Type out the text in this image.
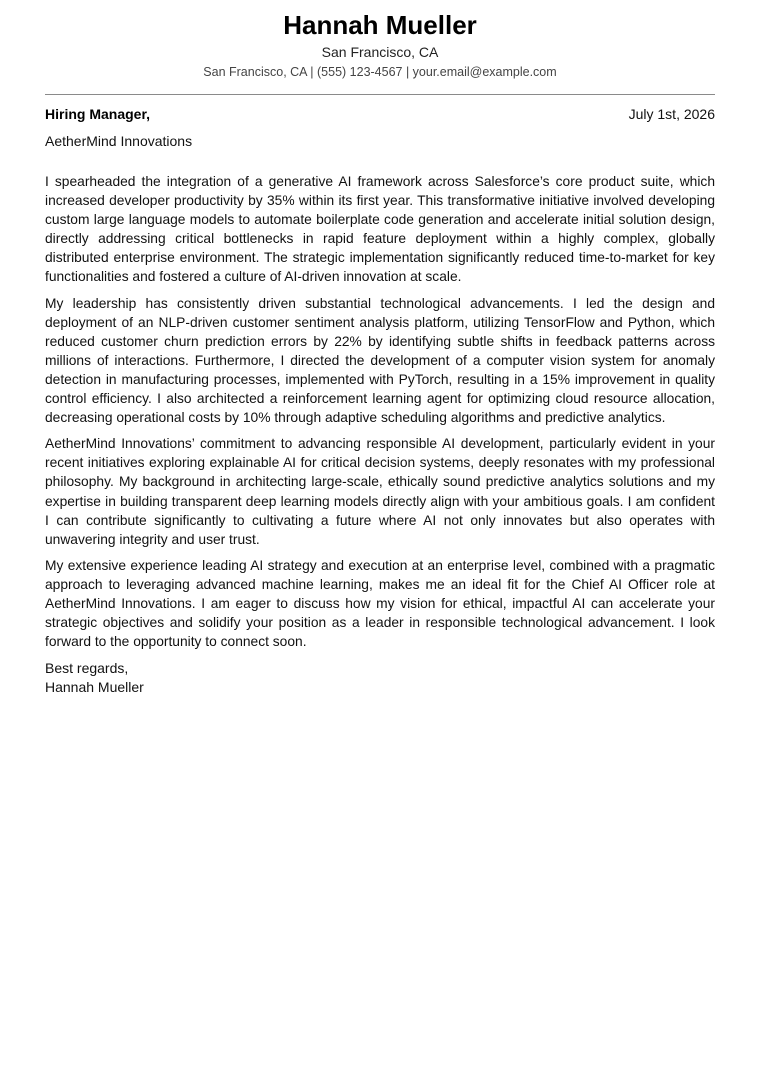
Hannah Mueller
San Francisco, CA
San Francisco, CA | (555) 123-4567 | your.email@example.com
Hiring Manager,	July 1st, 2026
AetherMind Innovations

I spearheaded the integration of a generative AI framework across Salesforce’s core product suite, which increased developer productivity by 35% within its first year. This transformative initiative involved developing custom large language models to automate boilerplate code generation and accelerate initial solution design, directly addressing critical bottlenecks in rapid feature deployment within a highly complex, globally distributed enterprise environment. The strategic implementation significantly reduced time-to-market for key functionalities and fostered a culture of AI-driven innovation at scale.

My leadership has consistently driven substantial technological advancements. I led the design and deployment of an NLP-driven customer sentiment analysis platform, utilizing TensorFlow and Python, which reduced customer churn prediction errors by 22% by identifying subtle shifts in feedback patterns across millions of interactions. Furthermore, I directed the development of a computer vision system for anomaly detection in manufacturing processes, implemented with PyTorch, resulting in a 15% improvement in quality control efficiency. I also architected a reinforcement learning agent for optimizing cloud resource allocation, decreasing operational costs by 10% through adaptive scheduling algorithms and predictive analytics.

AetherMind Innovations’ commitment to advancing responsible AI development, particularly evident in your recent initiatives exploring explainable AI for critical decision systems, deeply resonates with my professional philosophy. My background in architecting large-scale, ethically sound predictive analytics solutions and my expertise in building transparent deep learning models directly align with your ambitious goals. I am confident I can contribute significantly to cultivating a future where AI not only innovates but also operates with unwavering integrity and user trust.

My extensive experience leading AI strategy and execution at an enterprise level, combined with a pragmatic approach to leveraging advanced machine learning, makes me an ideal fit for the Chief AI Officer role at AetherMind Innovations. I am eager to discuss how my vision for ethical, impactful AI can accelerate your strategic objectives and solidify your position as a leader in responsible technological advancement. I look forward to the opportunity to connect soon.

Best regards,
Hannah Mueller
